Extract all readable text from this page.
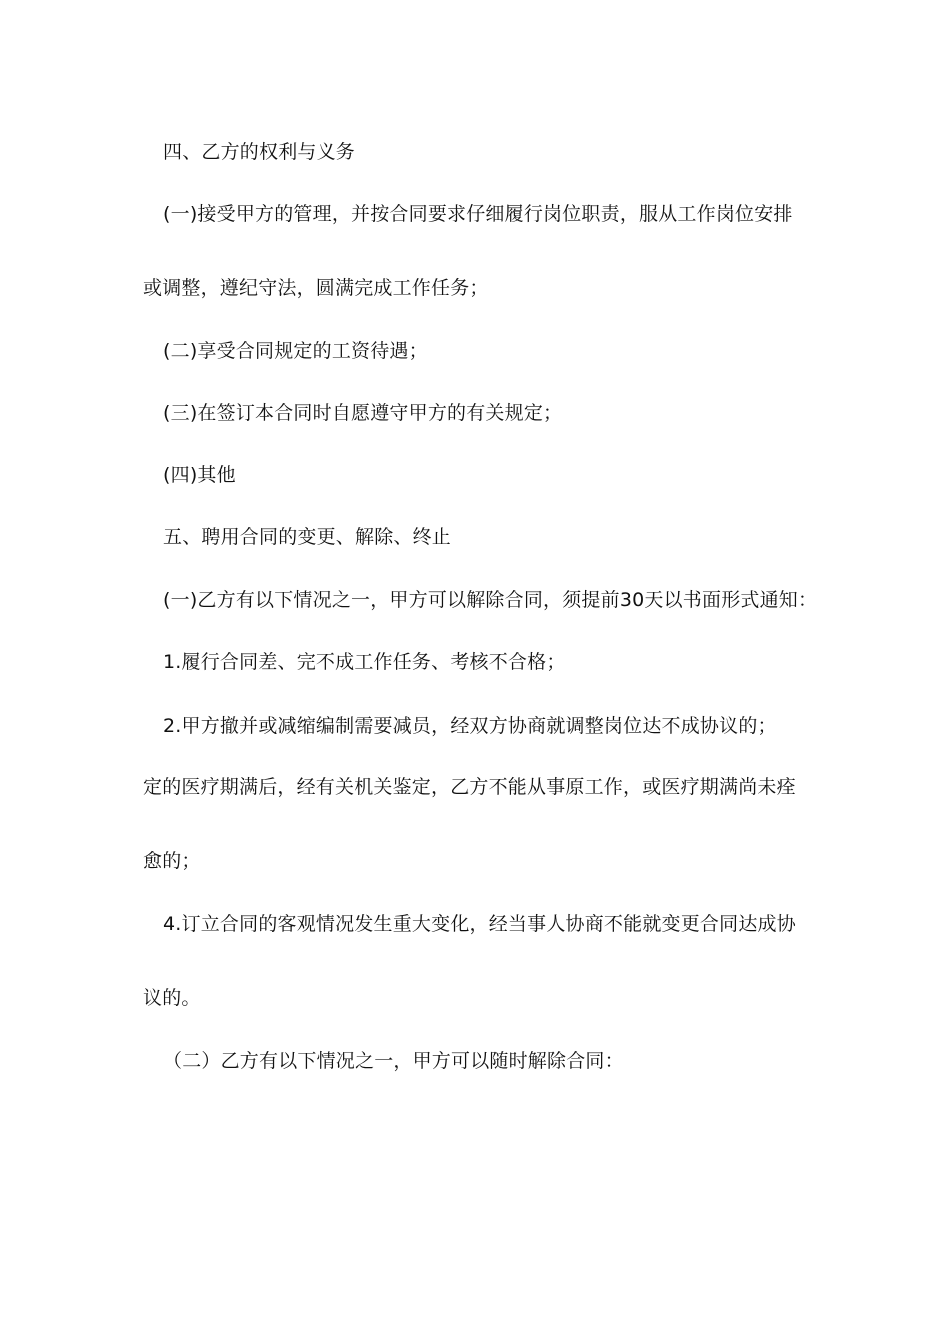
四、乙方的权利与义务
(一)接受甲方的管理，并按合同要求仔细履行岗位职责，服从工作岗位安排
或调整，遵纪守法，圆满完成工作任务；
(二)享受合同规定的工资待遇；
(三)在签订本合同时自愿遵守甲方的有关规定；
(四)其他
五、聘用合同的变更、解除、终止
(一)乙方有以下情况之一，甲方可以解除合同，须提前30天以书面形式通知：
1.履行合同差、完不成工作任务、考核不合格；
2.甲方撤并或减缩编制需要减员，经双方协商就调整岗位达不成协议的；
定的医疗期满后，经有关机关鉴定，乙方不能从事原工作，或医疗期满尚未痊
愈的；
4.订立合同的客观情况发生重大变化，经当事人协商不能就变更合同达成协
议的。
（二）乙方有以下情况之一，甲方可以随时解除合同：
